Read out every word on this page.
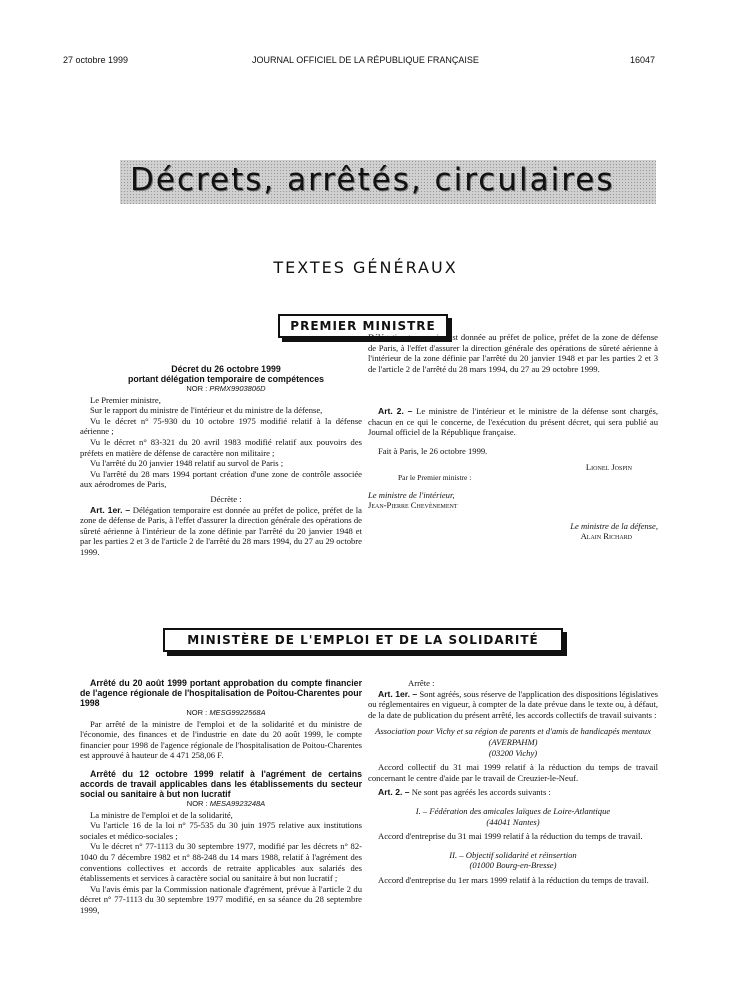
27 octobre 1999	JOURNAL OFFICIEL DE LA RÉPUBLIQUE FRANÇAISE	16047
Décrets, arrêtés, circulaires
TEXTES GÉNÉRAUX
PREMIER MINISTRE

Décret du 26 octobre 1999

portant délégation temporaire de compétences

NOR : PRMX9903806D

Le Premier ministre,

Sur le rapport du ministre de l'intérieur et du ministre de la défense,

Vu le décret n° 75-930 du 10 octobre 1975 modifié relatif à la défense aérienne ;

Vu le décret n° 83-321 du 20 avril 1983 modifié relatif aux pouvoirs des préfets en matière de défense de caractère non militaire ;

Vu l'arrêté du 20 janvier 1948 relatif au survol de Paris ;

Vu l'arrêté du 28 mars 1994 portant création d'une zone de contrôle associée aux aérodromes de Paris,

Décrète :

Art. 1er. – Délégation temporaire est donnée au préfet de police, préfet de la zone de défense de Paris, à l'effet d'assurer la direction générale des opérations de sûreté aérienne à l'intérieur de la zone définie par l'arrêté du 20 janvier 1948 et par les parties 2 et 3 de l'article 2 de l'arrêté du 28 mars 1994, du 27 au 29 octobre 1999.

Délégation temporaire est donnée au préfet de police, préfet de la zone de défense de Paris, à l'effet d'assurer la direction générale des opérations de sûreté aérienne à l'intérieur de la zone définie par l'arrêté du 20 janvier 1948 et par les parties 2 et 3 de l'article 2 de l'arrêté du 28 mars 1994, du 27 au 29 octobre 1999.

Art. 2. – Le ministre de l'intérieur et le ministre de la défense sont chargés, chacun en ce qui le concerne, de l'exécution du présent décret, qui sera publié au Journal officiel de la République française.

Fait à Paris, le 26 octobre 1999.

Lionel Jospin

Par le Premier ministre :

Le ministre de l'intérieur,

Jean-Pierre Chevènement

Le ministre de la défense,

Alain Richard

MINISTÈRE DE L'EMPLOI ET DE LA SOLIDARITÉ

Arrêté du 20 août 1999 portant approbation du compte financier de l'agence régionale de l'hospitalisation de Poitou-Charentes pour 1998

NOR : MESG9922568A

Par arrêté de la ministre de l'emploi et de la solidarité et du ministre de l'économie, des finances et de l'industrie en date du 20 août 1999, le compte financier pour 1998 de l'agence régionale de l'hospitalisation de Poitou-Charentes est approuvé à hauteur de 4 471 258,06 F.

Arrêté du 12 octobre 1999 relatif à l'agrément de certains accords de travail applicables dans les établissements du secteur social ou sanitaire à but non lucratif

NOR : MESA9923248A

La ministre de l'emploi et de la solidarité,

Vu l'article 16 de la loi n° 75-535 du 30 juin 1975 relative aux institutions sociales et médico-sociales ;

Vu le décret n° 77-1113 du 30 septembre 1977, modifié par les décrets n° 82-1040 du 7 décembre 1982 et n° 88-248 du 14 mars 1988, relatif à l'agrément des conventions collectives et accords de retraite applicables aux salariés des établissements et services à caractère social ou sanitaire à but non lucratif ;

Vu l'avis émis par la Commission nationale d'agrément, prévue à l'article 2 du décret n° 77-1113 du 30 septembre 1977 modifié, en sa séance du 28 septembre 1999,

Arrête :

Art. 1er. – Sont agréés, sous réserve de l'application des dispositions législatives ou réglementaires en vigueur, à compter de la date prévue dans le texte ou, à défaut, de la date de publication du présent arrêté, les accords collectifs de travail suivants :

Association pour Vichy et sa région de parents et d'amis de handicapés mentaux (AVERPAHM)

(03200 Vichy)

Accord collectif du 31 mai 1999 relatif à la réduction du temps de travail concernant le centre d'aide par le travail de Creuzier-le-Neuf.

Art. 2. – Ne sont pas agréés les accords suivants :

I. – Fédération des amicales laïques de Loire-Atlantique

(44041 Nantes)

Accord d'entreprise du 31 mai 1999 relatif à la réduction du temps de travail.

II. – Objectif solidarité et réinsertion

(01000 Bourg-en-Bresse)

Accord d'entreprise du 1er mars 1999 relatif à la réduction du temps de travail.
